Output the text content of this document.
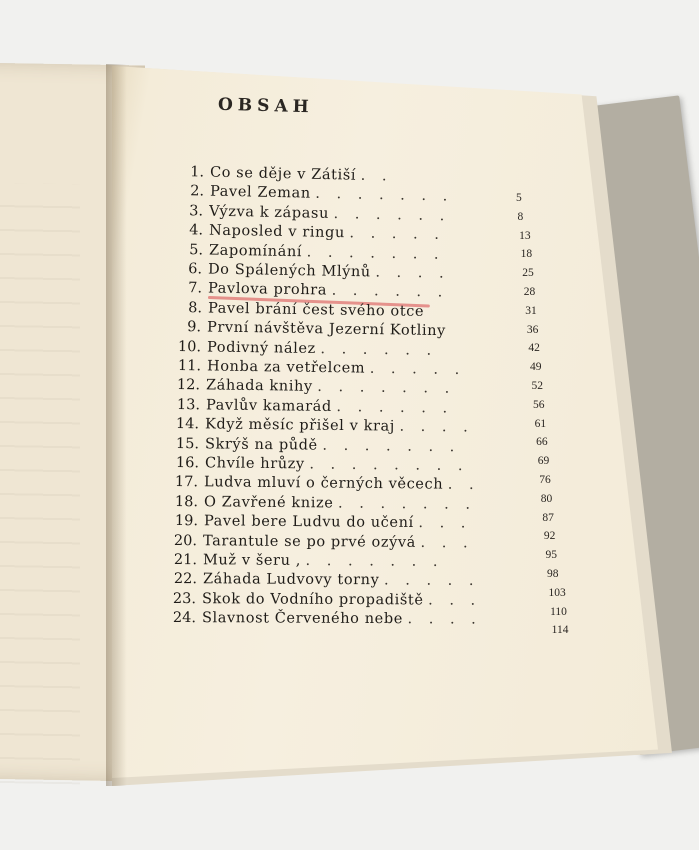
OBSAH
1. Co se děje v Zátiší . .
2. Pavel Zeman . . . . . . .
3. Výzva k zápasu . . . . . .
4. Naposled v ringu . . . . .
5. Zapomínání . . . . . . .
6. Do Spálených Mlýnů . . . .
7. Pavlova prohra . . . . . .
8. Pavel brání čest svého otce
9. První návštěva Jezerní Kotliny
10. Podivný nález . . . . . .
11. Honba za vetřelcem . . . . .
12. Záhada knihy . . . . . . .
13. Pavlův kamarád . . . . . .
14. Když měsíc přišel v kraj . . . .
15. Skrýš na půdě . . . . . . .
16. Chvíle hrůzy . . . . . . . .
17. Ludva mluví o černých věcech . .
18. O Zavřené knize . . . . . . .
19. Pavel bere Ludvu do učení . . .
20. Tarantule se po prvé ozývá . . .
21. Muž v šeru , . . . . . . .
22. Záhada Ludvovy torny . . . . .
23. Skok do Vodního propadiště . . .
24. Slavnost Červeného nebe . . . .
5
8
13
18
25
28
31
36
42
49
52
56
61
66
69
76
80
87
92
95
98
103
110
114
